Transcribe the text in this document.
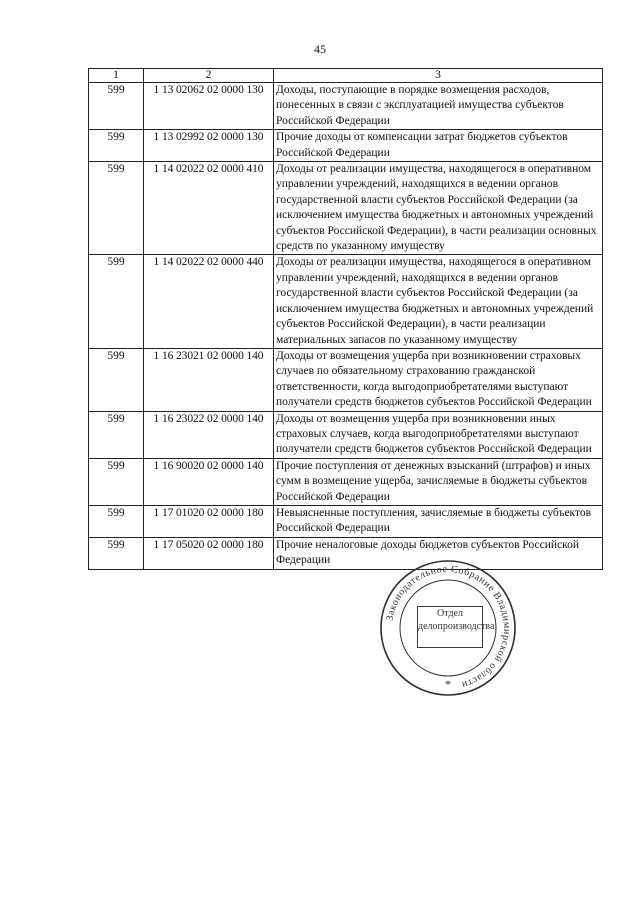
45
1	2	3
599	1 13 02062 02 0000 130	Доходы, поступающие в порядке возмещения расходов, понесенных в связи с эксплуатацией имущества субъектов Российской Федерации
599	1 13 02992 02 0000 130	Прочие доходы от компенсации затрат бюджетов субъектов Российской Федерации
599	1 14 02022 02 0000 410	Доходы от реализации имущества, находящегося в оперативном управлении учреждений, находящихся в ведении органов государственной власти субъектов Российской Федерации (за исключением имущества бюджетных и автономных учреждений субъектов Российской Федерации), в части реализации основных средств по указанному имуществу
599	1 14 02022 02 0000 440	Доходы от реализации имущества, находящегося в оперативном управлении учреждений, находящихся в ведении органов государственной власти субъектов Российской Федерации (за исключением имущества бюджетных и автономных учреждений субъектов Российской Федерации), в части реализации материальных запасов по указанному имуществу
599	1 16 23021 02 0000 140	Доходы от возмещения ущерба при возникновении страховых случаев по обязательному страхованию гражданской ответственности, когда выгодоприобретателями выступают получатели средств бюджетов субъектов Российской Федерации
599	1 16 23022 02 0000 140	Доходы от возмещения ущерба при возникновении иных страховых случаев, когда выгодоприобретателями выступают получатели средств бюджетов субъектов Российской Федерации
599	1 16 90020 02 0000 140	Прочие поступления от денежных взысканий (штрафов) и иных сумм в возмещение ущерба, зачисляемые в бюджеты субъектов Российской Федерации
599	1 17 01020 02 0000 180	Невыясненные поступления, зачисляемые в бюджеты субъектов Российской Федерации
599	1 17 05020 02 0000 180	Прочие неналоговые доходы бюджетов субъектов Российской Федерации
Законодательное Собрание Владимирской области
*
Отдел
делопроизводства
